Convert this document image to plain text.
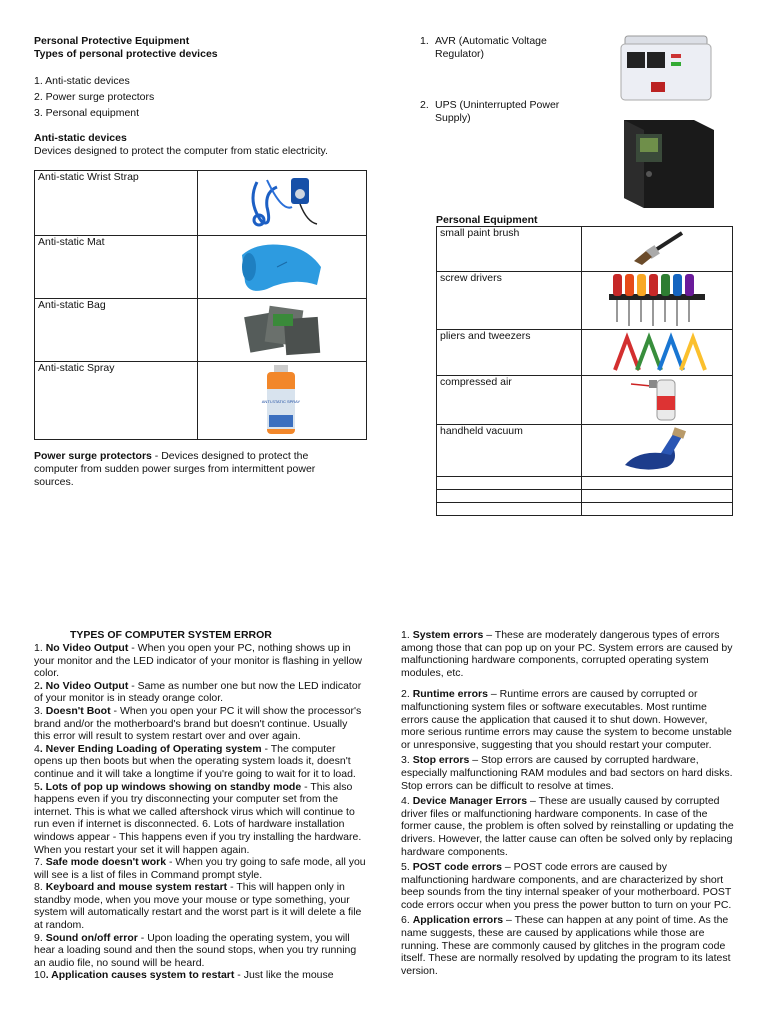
Personal Protective Equipment
Types of personal protective devices
1. Anti-static devices
2. Power surge protectors
3. Personal equipment
Anti-static devices
Devices designed to protect the computer from static electricity.
Anti-static Wrist Strap	

Anti-static Mat	

Anti-static Bag	

Anti-static Spray	ANTI-STATIC SPRAY
Power surge protectors - Devices designed to protect the computer from sudden power surges from intermittent power sources.
1. AVR (Automatic Voltage Regulator)
2. UPS (Uninterrupted Power Supply)
Personal Equipment
small paint brush	

screw drivers	

pliers and tweezers	

compressed air	

handheld vacuum	

TYPES OF COMPUTER SYSTEM ERROR

1. No Video Output - When you open your PC, nothing shows up in your monitor and the LED indicator of your monitor is flashing in yellow color.

2. No Video Output - Same as number one but now the LED indicator of your monitor is in steady orange color.

3. Doesn't Boot - When you open your PC it will show the processor's brand and/or the motherboard's brand but doesn't continue. Usually this error will result to system restart over and over again.

4. Never Ending Loading of Operating system - The computer opens up then boots but when the operating system loads it, doesn't continue and it will take a longtime if you're going to wait for it to load.

5. Lots of pop up windows showing on standby mode - This also happens even if you try disconnecting your computer set from the internet. This is what we called aftershock virus which will continue to run even if internet is disconnected. 6. Lots of hardware installation windows appear - This happens even if you try installing the hardware. When you restart your set it will happen again.

7. Safe mode doesn't work - When you try going to safe mode, all you will see is a list of files in Command prompt style.

8. Keyboard and mouse system restart - This will happen only in standby mode, when you move your mouse or type something, your system will automatically restart and the worst part is it will delete a file at random.

9. Sound on/off error - Upon loading the operating system, you will hear a loading sound and then the sound stops, when you try running an audio file, no sound will be heard.

10. Application causes system to restart - Just like the mouse

1. System errors – These are moderately dangerous types of errors among those that can pop up on your PC. System errors are caused by malfunctioning hardware components, corrupted operating system modules, etc.

2. Runtime errors – Runtime errors are caused by corrupted or malfunctioning system files or software executables. Most runtime errors cause the application that caused it to shut down. However, more serious runtime errors may cause the system to become unstable or unresponsive, suggesting that you should restart your computer.

3. Stop errors – Stop errors are caused by corrupted hardware, especially malfunctioning RAM modules and bad sectors on hard disks. Stop errors can be difficult to resolve at times.

4. Device Manager Errors – These are usually caused by corrupted driver files or malfunctioning hardware components. In case of the former cause, the problem is often solved by reinstalling or updating the drivers. However, the latter cause can often be solved only by replacing hardware components.

5. POST code errors – POST code errors are caused by malfunctioning hardware components, and are characterized by short beep sounds from the tiny internal speaker of your motherboard. POST code errors occur when you press the power button to turn on your PC.

6. Application errors – These can happen at any point of time. As the name suggests, these are caused by applications while those are running. These are commonly caused by glitches in the program code itself. These are normally resolved by updating the program to its latest version.
